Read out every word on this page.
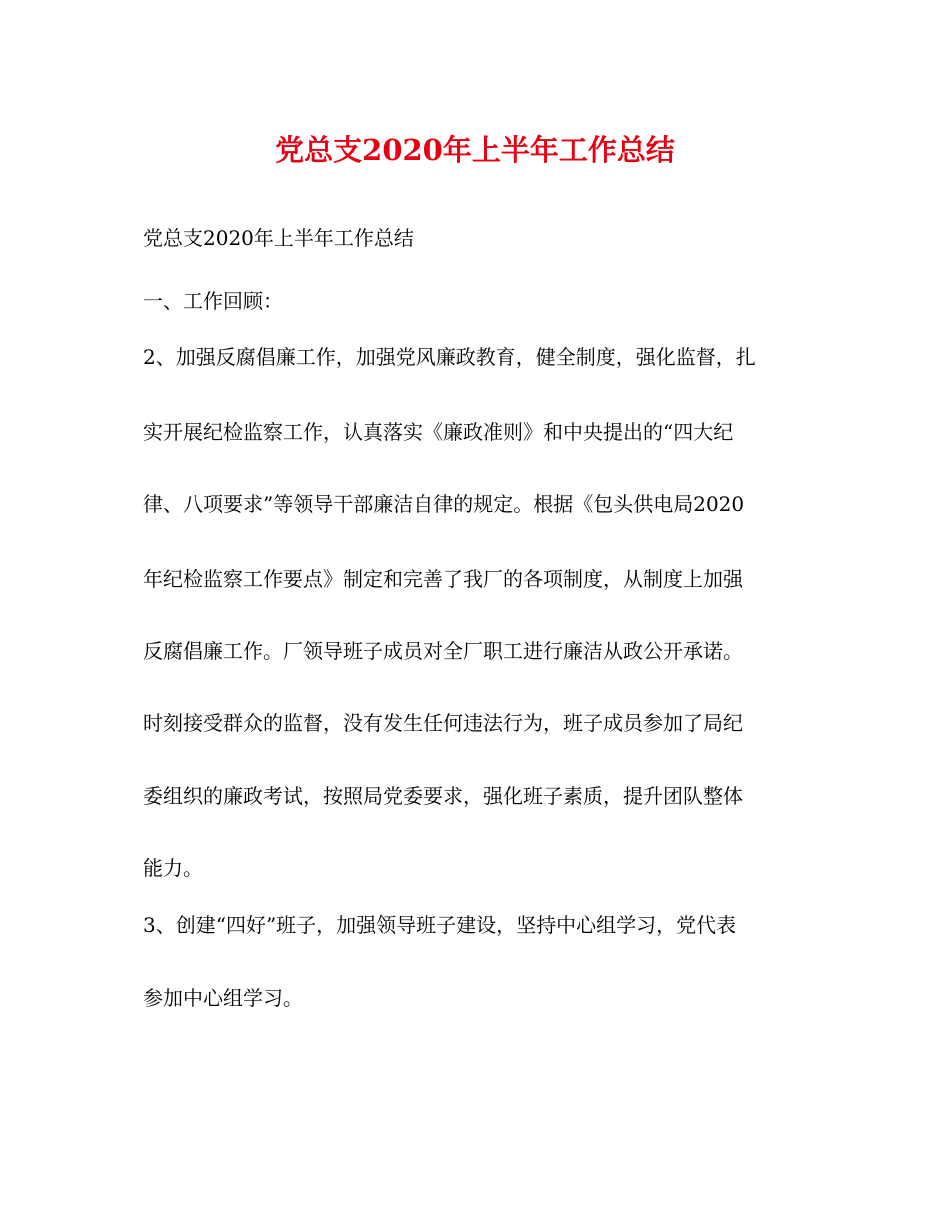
党总支2020年上半年工作总结
党总支2020年上半年工作总结
一、工作回顾：
2、加强反腐倡廉工作，加强党风廉政教育，健全制度，强化监督，扎
实开展纪检监察工作，认真落实《廉政准则》和中央提出的“四大纪
律、八项要求”等领导干部廉洁自律的规定。根据《包头供电局2020
年纪检监察工作要点》制定和完善了我厂的各项制度，从制度上加强
反腐倡廉工作。厂领导班子成员对全厂职工进行廉洁从政公开承诺。
时刻接受群众的监督，没有发生任何违法行为，班子成员参加了局纪
委组织的廉政考试，按照局党委要求，强化班子素质，提升团队整体
能力。
3、创建“四好”班子，加强领导班子建设，坚持中心组学习，党代表
参加中心组学习。
